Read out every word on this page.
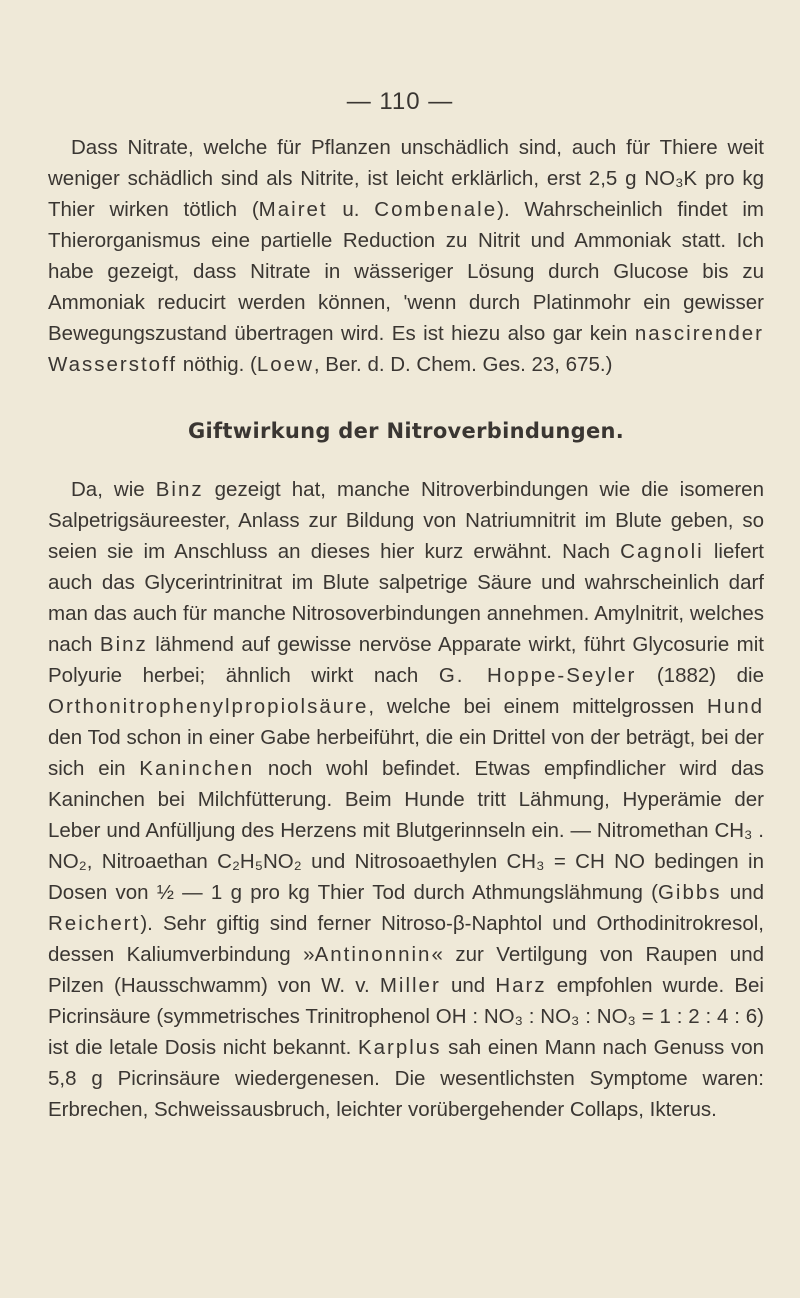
— 110 —

Dass Nitrate, welche für Pflanzen unschädlich sind, auch für Thiere weit weniger schädlich sind als Nitrite, ist leicht erklärlich, erst 2,5 g NO₃K pro kg Thier wirken tötlich (Mairet u. Combenale). Wahrscheinlich findet im Thierorganismus eine partielle Reduction zu Nitrit und Ammoniak statt. Ich habe gezeigt, dass Nitrate in wässeriger Lösung durch Glucose bis zu Ammoniak reducirt werden können, 'wenn durch Platinmohr ein gewisser Bewegungszustand übertragen wird. Es ist hiezu also gar kein nascirender Wasserstoff nöthig. (Loew, Ber. d. D. Chem. Ges. 23, 675.)

Giftwirkung der Nitroverbindungen.

Da, wie Binz gezeigt hat, manche Nitroverbindungen wie die isomeren Salpetrigsäureester, Anlass zur Bildung von Natriumnitrit im Blute geben, so seien sie im Anschluss an dieses hier kurz erwähnt. Nach Cagnoli liefert auch das Glycerintrinitrat im Blute salpetrige Säure und wahrscheinlich darf man das auch für manche Nitrosoverbindungen annehmen. Amylnitrit, welches nach Binz lähmend auf gewisse nervöse Apparate wirkt, führt Glycosurie mit Polyurie herbei; ähnlich wirkt nach G. Hoppe-Seyler (1882) die Orthonitrophenylpropiolsäure, welche bei einem mittelgrossen Hund den Tod schon in einer Gabe herbeiführt, die ein Drittel von der beträgt, bei der sich ein Kaninchen noch wohl befindet. Etwas empfindlicher wird das Kaninchen bei Milchfütterung. Beim Hunde tritt Lähmung, Hyperämie der Leber und Anfülljung des Herzens mit Blutgerinnseln ein. — Nitromethan CH₃ . NO₂, Nitroaethan C₂H₅NO₂ und Nitrosoaethylen CH₃ = CH NO bedingen in Dosen von ½ — 1 g pro kg Thier Tod durch Athmungslähmung (Gibbs und Reichert). Sehr giftig sind ferner Nitroso-β-Naphtol und Orthodinitrokresol, dessen Kaliumverbindung »Antinonnin« zur Vertilgung von Raupen und Pilzen (Hausschwamm) von W. v. Miller und Harz empfohlen wurde. Bei Picrinsäure (symmetrisches Trinitrophenol OH : NO₃ : NO₃ : NO₃ = 1 : 2 : 4 : 6) ist die letale Dosis nicht bekannt. Karplus sah einen Mann nach Genuss von 5,8 g Picrinsäure wiedergenesen. Die wesentlichsten Symptome waren: Erbrechen, Schweissausbruch, leichter vorübergehender Collaps, Ikterus.
